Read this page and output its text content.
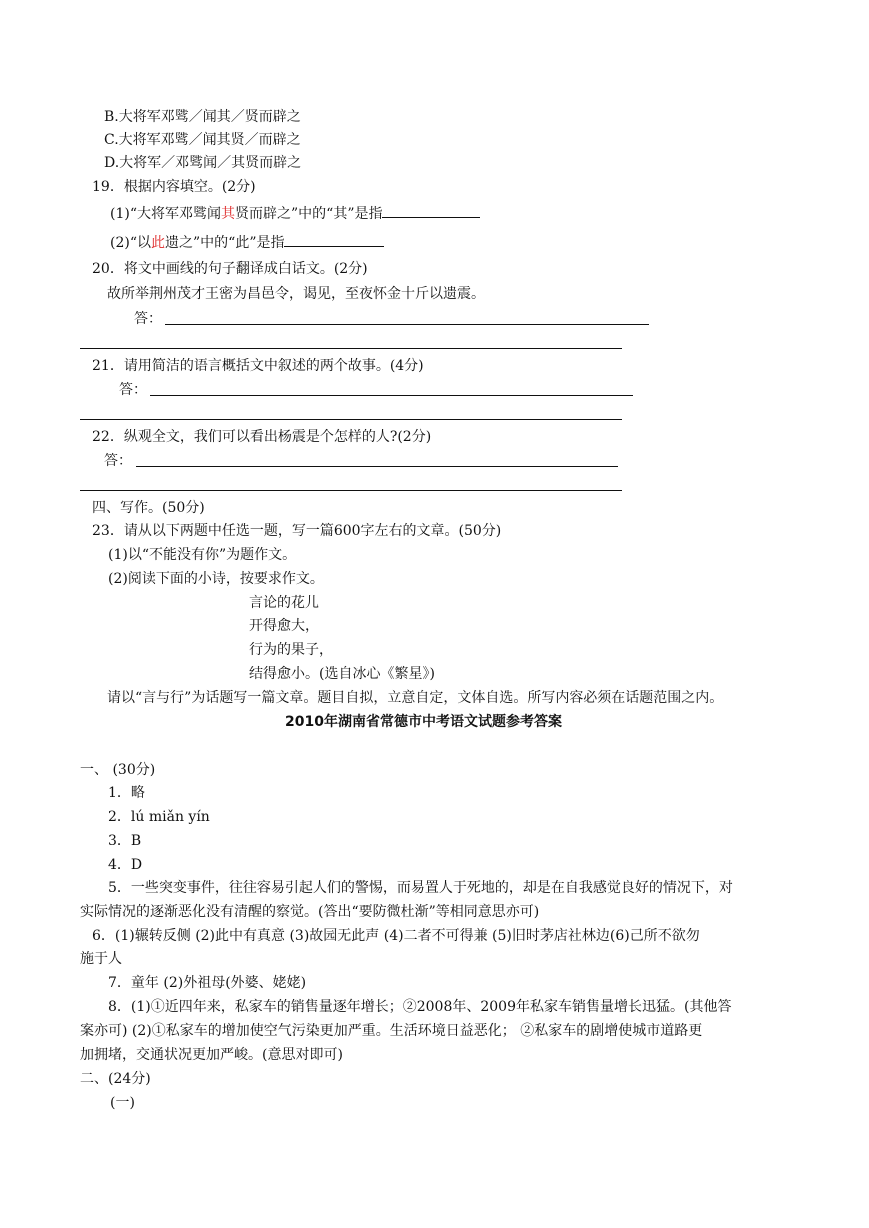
B.大将军邓骘／闻其／贤而辟之
C.大将军邓骘／闻其贤／而辟之
D.大将军／邓骘闻／其贤而辟之
19．根据内容填空。(2分)
(1)“大将军邓骘闻其贤而辟之”中的“其”是指
(2)“以此遗之”中的“此”是指
20．将文中画线的句子翻译成白话文。(2分)
故所举荆州茂才王密为昌邑令，谒见，至夜怀金十斤以遗震。
答：
21．请用简洁的语言概括文中叙述的两个故事。(4分)
答：
22．纵观全文，我们可以看出杨震是个怎样的人?(2分)
答：
四、写作。(50分)
23．请从以下两题中任选一题，写一篇600字左右的文章。(50分)
(1)以“不能没有你”为题作文。
(2)阅读下面的小诗，按要求作文。
言论的花儿
开得愈大，
行为的果子，
结得愈小。(选自冰心《繁星》)
请以“言与行”为话题写一篇文章。题目自拟，立意自定，文体自选。所写内容必须在话题范围之内。
2010年湖南省常德市中考语文试题参考答案
一、 (30分)
1．略
2．lú miǎn yín
3．B
4．D
5．一些突变事件，往往容易引起人们的警惕，而易置人于死地的，却是在自我感觉良好的情况下，对
实际情况的逐渐恶化没有清醒的察觉。(答出“要防微杜渐”等相同意思亦可)
6．(1)辗转反侧 (2)此中有真意 (3)故园无此声 (4)二者不可得兼 (5)旧时茅店社林边(6)己所不欲勿
施于人
7．童年 (2)外祖母(外婆、姥姥)
8．(1)①近四年来，私家车的销售量逐年增长；②2008年、2009年私家车销售量增长迅猛。(其他答
案亦可) (2)①私家车的增加使空气污染更加严重。生活环境日益恶化； ②私家车的剧增使城市道路更
加拥堵，交通状况更加严峻。(意思对即可)
二、(24分)
(一)
